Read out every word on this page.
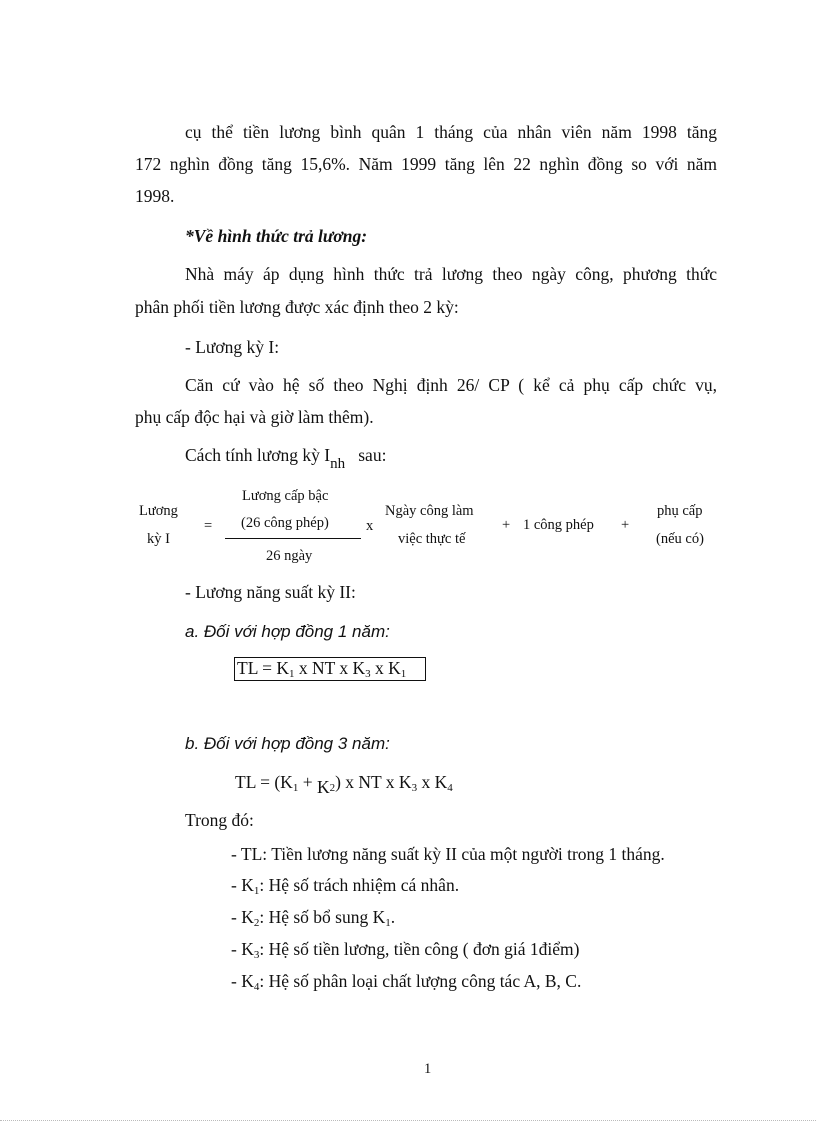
cụ thể tiền lương bình quân 1 tháng của nhân viên năm 1998 tăng
172 nghìn đồng tăng 15,6%. Năm 1999 tăng lên 22 nghìn đồng so với năm
1998.
*Về hình thức trả lương:
Nhà máy áp dụng hình thức trả lương theo ngày công, phương thức
phân phối tiền lương được xác định theo 2 kỳ:
- Lương kỳ I:
Căn cứ vào hệ số theo Nghị định 26/ CP ( kể cả phụ cấp chức vụ,
phụ cấp độc hại và giờ làm thêm).
Cách tính lương kỳ Inh sau:
Lương
kỳ I
=
Lương cấp bậc
(26 công phép)
26 ngày
x
Ngày công làm
việc thực tế
+ 1 công phép +
phụ cấp
(nếu có)
- Lương năng suất kỳ II:
a. Đối với hợp đồng 1 năm:
TL = $K_1$ x NT x $K_3$ x $K_1$
b. Đối với hợp đồng 3 năm:
TL = $(K_1 + K_2)$ x NT x $K_3$ x $K_4$
Trong đó:
- TL: Tiền lương năng suất kỳ II của một người trong 1 tháng.
- $K_1$: Hệ số trách nhiệm cá nhân.
- $K_2$: Hệ số bổ sung $K_1$.
- $K_3$: Hệ số tiền lương, tiền công ( đơn giá 1điểm)
- $K_4$: Hệ số phân loại chất lượng công tác A, B, C.
1
